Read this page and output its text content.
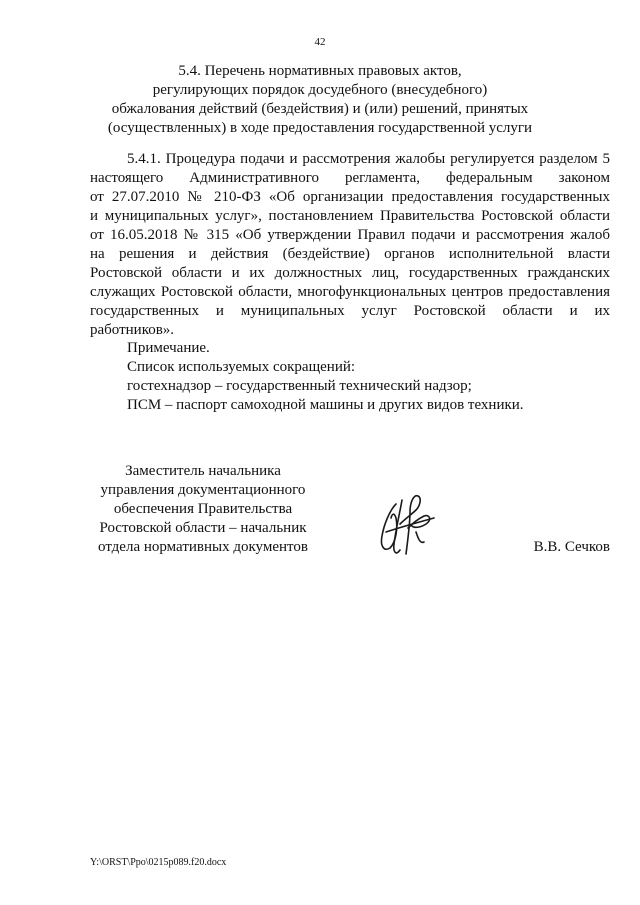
42
5.4. Перечень нормативных правовых актов,
регулирующих порядок досудебного (внесудебного)
обжалования действий (бездействия) и (или) решений, принятых
(осуществленных) в ходе предоставления государственной услуги
5.4.1. Процедура подачи и рассмотрения жалобы регулируется разделом 5
настоящего Административного регламента, федеральным законом
от 27.07.2010 № 210-ФЗ «Об организации предоставления государственных
и муниципальных услуг», постановлением Правительства Ростовской области
от 16.05.2018 № 315 «Об утверждении Правил подачи и рассмотрения жалоб
на решения и действия (бездействие) органов исполнительной власти
Ростовской области и их должностных лиц, государственных гражданских
служащих Ростовской области, многофункциональных центров предоставления
государственных и муниципальных услуг Ростовской области и их
работников».
Примечание.
Список используемых сокращений:
гостехнадзор – государственный технический надзор;
ПСМ – паспорт самоходной машины и других видов техники.
Заместитель начальника
управления документационного
обеспечения Правительства
Ростовской области – начальник
отдела нормативных документов	В.В. Сечков
Y:\ORST\Ppo\0215p089.f20.docx
